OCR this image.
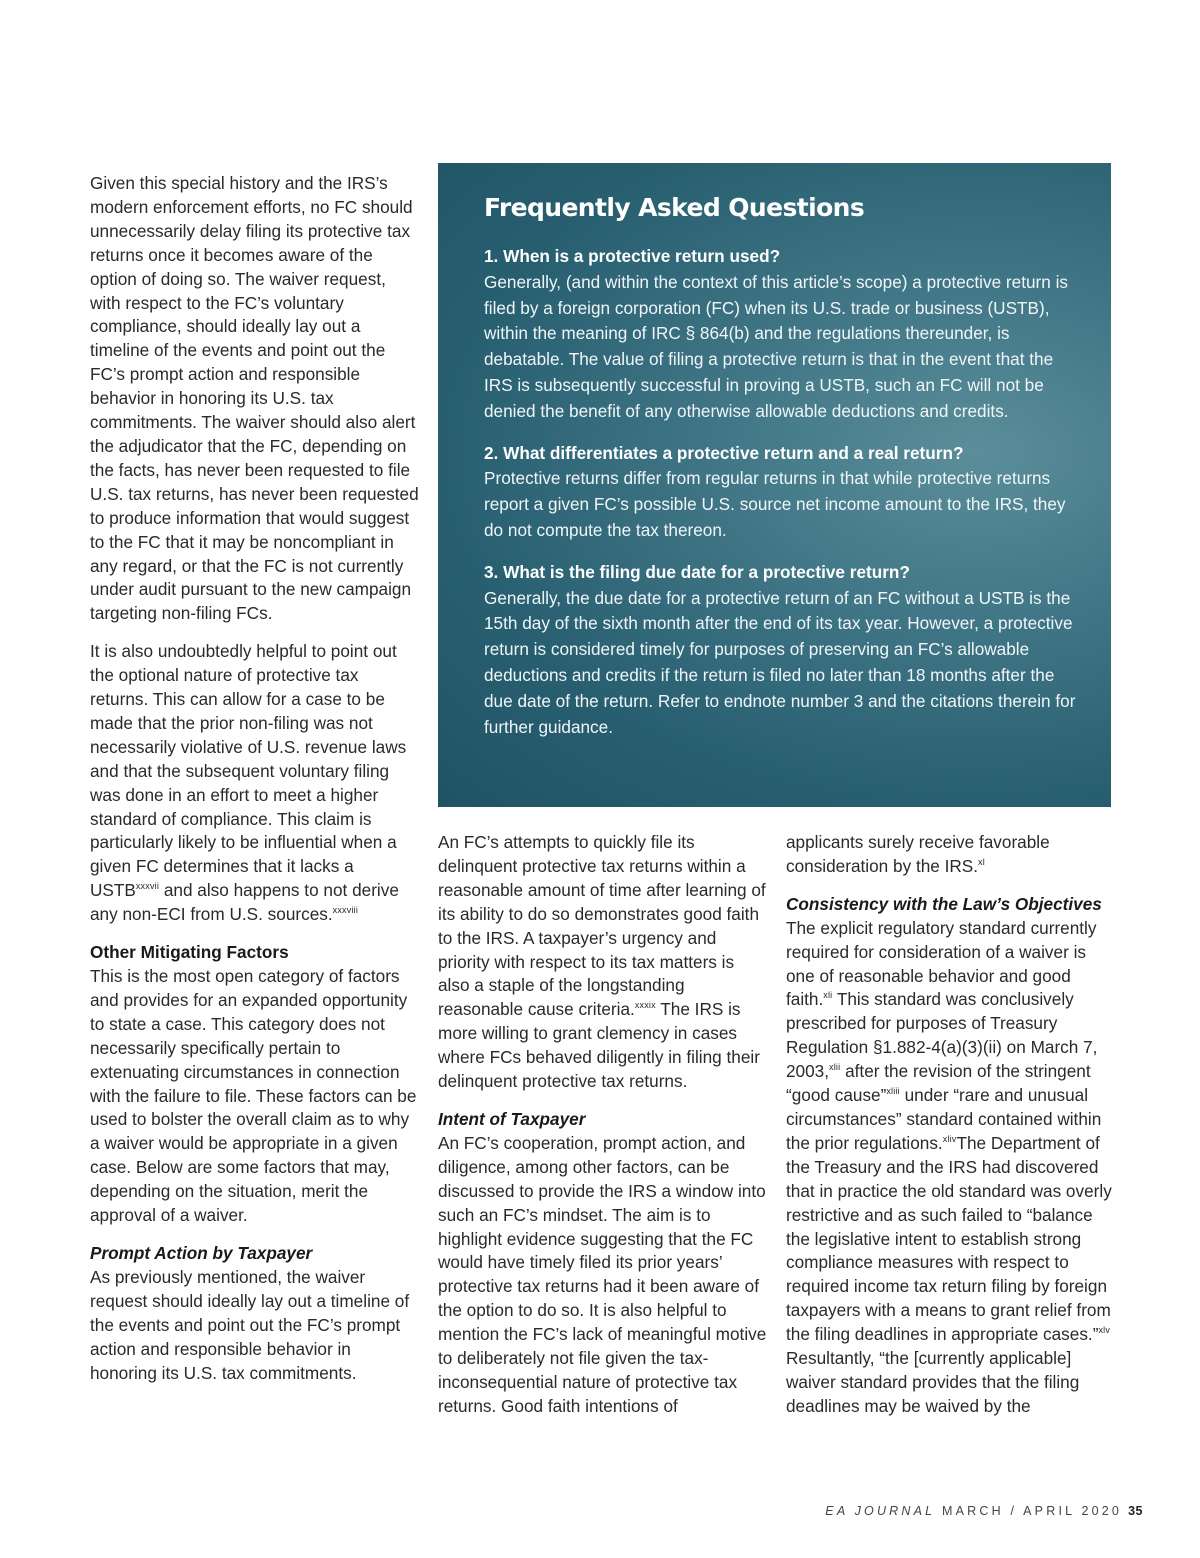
Given this special history and the IRS’s modern enforcement efforts, no FC should unnecessarily delay filing its protective tax returns once it becomes aware of the option of doing so. The waiver request, with respect to the FC’s voluntary compliance, should ideally lay out a timeline of the events and point out the FC’s prompt action and responsible behavior in honoring its U.S. tax commitments. The waiver should also alert the adjudicator that the FC, depending on the facts, has never been requested to file U.S. tax returns, has never been requested to produce information that would suggest to the FC that it may be noncompliant in any regard, or that the FC is not currently under audit pursuant to the new campaign targeting non-filing FCs.

It is also undoubtedly helpful to point out the optional nature of protective tax returns. This can allow for a case to be made that the prior non-filing was not necessarily violative of U.S. revenue laws and that the subsequent voluntary filing was done in an effort to meet a higher standard of compliance. This claim is particularly likely to be influential when a given FC determines that it lacks a $USTB^{xxxvii}$ and also happens to not derive any non-ECI from U.S. sources.$^{xxxviii}$

Other Mitigating Factors

This is the most open category of factors and provides for an expanded opportunity to state a case. This category does not necessarily specifically pertain to extenuating circumstances in connection with the failure to file. These factors can be used to bolster the overall claim as to why a waiver would be appropriate in a given case. Below are some factors that may, depending on the situation, merit the approval of a waiver.

Prompt Action by Taxpayer

As previously mentioned, the waiver request should ideally lay out a timeline of the events and point out the FC’s prompt action and responsible behavior in honoring its U.S. tax commitments.

Frequently Asked Questions
1. When is a protective return used?
Generally, (and within the context of this article’s scope) a protective return is filed by a foreign corporation (FC) when its U.S. trade or business (USTB), within the meaning of IRC § 864(b) and the regulations thereunder, is debatable. The value of filing a protective return is that in the event that the IRS is subsequently successful in proving a USTB, such an FC will not be denied the benefit of any otherwise allowable deductions and credits.
2. What differentiates a protective return and a real return?
Protective returns differ from regular returns in that while protective returns report a given FC’s possible U.S. source net income amount to the IRS, they do not compute the tax thereon.
3. What is the filing due date for a protective return?
Generally, the due date for a protective return of an FC without a USTB is the 15th day of the sixth month after the end of its tax year. However, a protective return is considered timely for purposes of preserving an FC’s allowable deductions and credits if the return is filed no later than 18 months after the due date of the return. Refer to endnote number 3 and the citations therein for further guidance.

An FC’s attempts to quickly file its delinquent protective tax returns within a reasonable amount of time after learning of its ability to do so demonstrates good faith to the IRS. A taxpayer’s urgency and priority with respect to its tax matters is also a staple of the longstanding reasonable cause criteria.$^{xxxix}$ The IRS is more willing to grant clemency in cases where FCs behaved diligently in filing their delinquent protective tax returns.

Intent of Taxpayer

An FC’s cooperation, prompt action, and diligence, among other factors, can be discussed to provide the IRS a window into such an FC’s mindset. The aim is to highlight evidence suggesting that the FC would have timely filed its prior years’ protective tax returns had it been aware of the option to do so. It is also helpful to mention the FC’s lack of meaningful motive to deliberately not file given the tax-inconsequential nature of protective tax returns. Good faith intentions of

applicants surely receive favorable consideration by the IRS.$^{xl}$

Consistency with the Law’s Objectives

The explicit regulatory standard currently required for consideration of a waiver is one of reasonable behavior and good faith.$^{xli}$ This standard was conclusively prescribed for purposes of Treasury Regulation §1.882-4(a)(3)(ii) on March 7, 2003,$^{xlii}$ after the revision of the stringent “good cause”$^{xliii}$ under “rare and unusual circumstances” standard contained within the prior regulations.$^{xliv}$The Department of the Treasury and the IRS had discovered that in practice the old standard was overly restrictive and as such failed to “balance the legislative intent to establish strong compliance measures with respect to required income tax return filing by foreign taxpayers with a means to grant relief from the filing deadlines in appropriate cases.”$^{xlv}$ Resultantly, “the [currently applicable] waiver standard provides that the filing deadlines may be waived by the

EA JOURNAL MARCH / APRIL 2020 35
